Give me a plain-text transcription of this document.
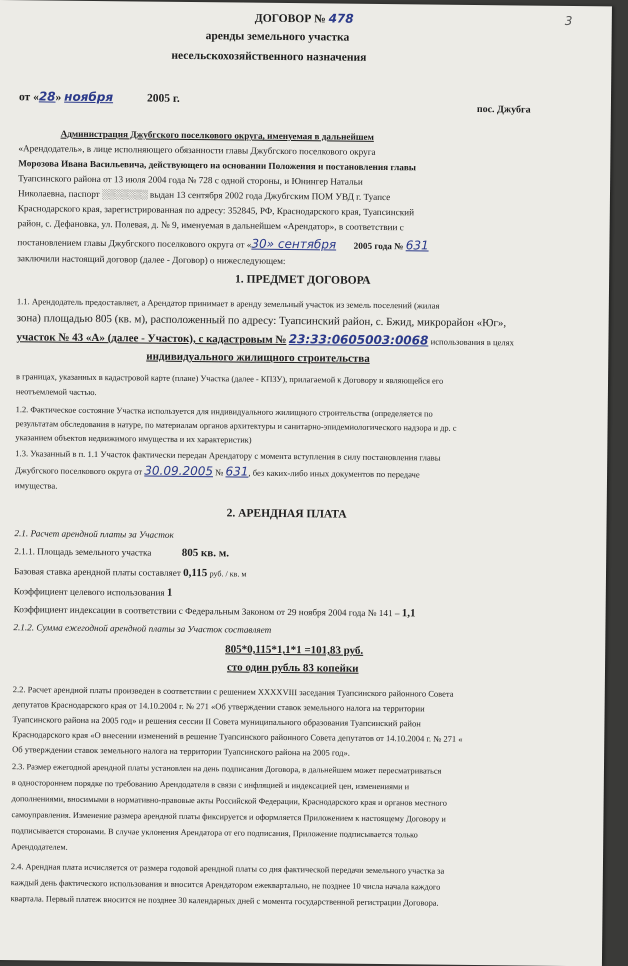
3
ДОГОВОР № 478
аренды земельного участка
несельскохозяйственного назначения
от «28» ноября	2005 г.
пос. Джубга
Администрация Джубгского поселкового округа, именуемая в дальнейшем
«Арендодатель», в лице исполняющего обязанности главы Джубгского поселкового округа
Морозова Ивана Васильевича, действующего на основании Положения и постановления главы
Туапсинского района от 13 июля 2004 года № 728 с одной стороны, и Юнингер Натальи
Николаевна, паспорт ░░░░░░░ выдан 13 сентября 2002 года Джубгским ПОМ УВД г. Туапсе
Краснодарского края, зарегистрированная по адресу: 352845, РФ, Краснодарского края, Туапсинский
район, с. Дефановка, ул. Полевая, д. № 9, именуемая в дальнейшем «Арендатор», в соответствии с
постановлением главы Джубгского поселкового округа от «30» сентября 2005 года № 631
заключили настоящий договор (далее - Договор) о нижеследующем:
1. ПРЕДМЕТ ДОГОВОРА
1.1. Арендодатель предоставляет, а Арендатор принимает в аренду земельный участок из земель поселений (жилая
зона) площадью 805 (кв. м), расположенный по адресу: Туапсинский район, с. Бжид, микрорайон «Юг»,
участок № 43 «А» (далее - Участок), с кадастровым № 23:33:0605003:0068 использования в целях
индивидуального жилищного строительства
в границах, указанных в кадастровой карте (плане) Участка (далее - КПЗУ), прилагаемой к Договору и являющейся его
неотъемлемой частью.
1.2. Фактическое состояние Участка используется для индивидуального жилищного строительства (определяется по
результатам обследования в натуре, по материалам органов архитектуры и санитарно-эпидемиологического надзора и др. с
указанием объектов недвижимого имущества и их характеристик)
1.3. Указанный в п. 1.1 Участок фактически передан Арендатору с момента вступления в силу постановления главы
Джубгского поселкового округа от 30.09.2005 № 631, без каких-либо иных документов по передаче
имущества.
2. АРЕНДНАЯ ПЛАТА
2.1. Расчет арендной платы за Участок
2.1.1. Площадь земельного участка	805 кв. м.
Базовая ставка арендной платы составляет 0,115 руб. / кв. м
Коэффициент целевого использования 1
Коэффициент индексации в соответствии с Федеральным Законом от 29 ноября 2004 года № 141 – 1,1
2.1.2. Сумма ежегодной арендной платы за Участок составляет
805*0,115*1,1*1 =101,83 руб.
сто один рубль 83 копейки
2.2. Расчет арендной платы произведен в соответствии с решением XXXXVIII заседания Туапсинского районного Совета
депутатов Краснодарского края от 14.10.2004 г. № 271 «Об утверждении ставок земельного налога на территории
Туапсинского района на 2005 год» и решения сессии II Совета муниципального образования Туапсинский район
Краснодарского края «О внесении изменений в решение Туапсинского районного Совета депутатов от 14.10.2004 г. № 271 «
Об утверждении ставок земельного налога на территории Туапсинского района на 2005 год».
2.3. Размер ежегодной арендной платы установлен на день подписания Договора, в дальнейшем может пересматриваться
в одностороннем порядке по требованию Арендодателя в связи с инфляцией и индексацией цен, изменениями и
дополнениями, вносимыми в нормативно-правовые акты Российской Федерации, Краснодарского края и органов местного
самоуправления. Изменение размера арендной платы фиксируется и оформляется Приложением к настоящему Договору и
подписывается сторонами. В случае уклонения Арендатора от его подписания, Приложение подписывается только
Арендодателем.
2.4. Арендная плата исчисляется от размера годовой арендной платы со дня фактической передачи земельного участка за
каждый день фактического использования и вносится Арендатором ежеквартально, не позднее 10 числа начала каждого
квартала. Первый платеж вносится не позднее 30 календарных дней с момента государственной регистрации Договора.
